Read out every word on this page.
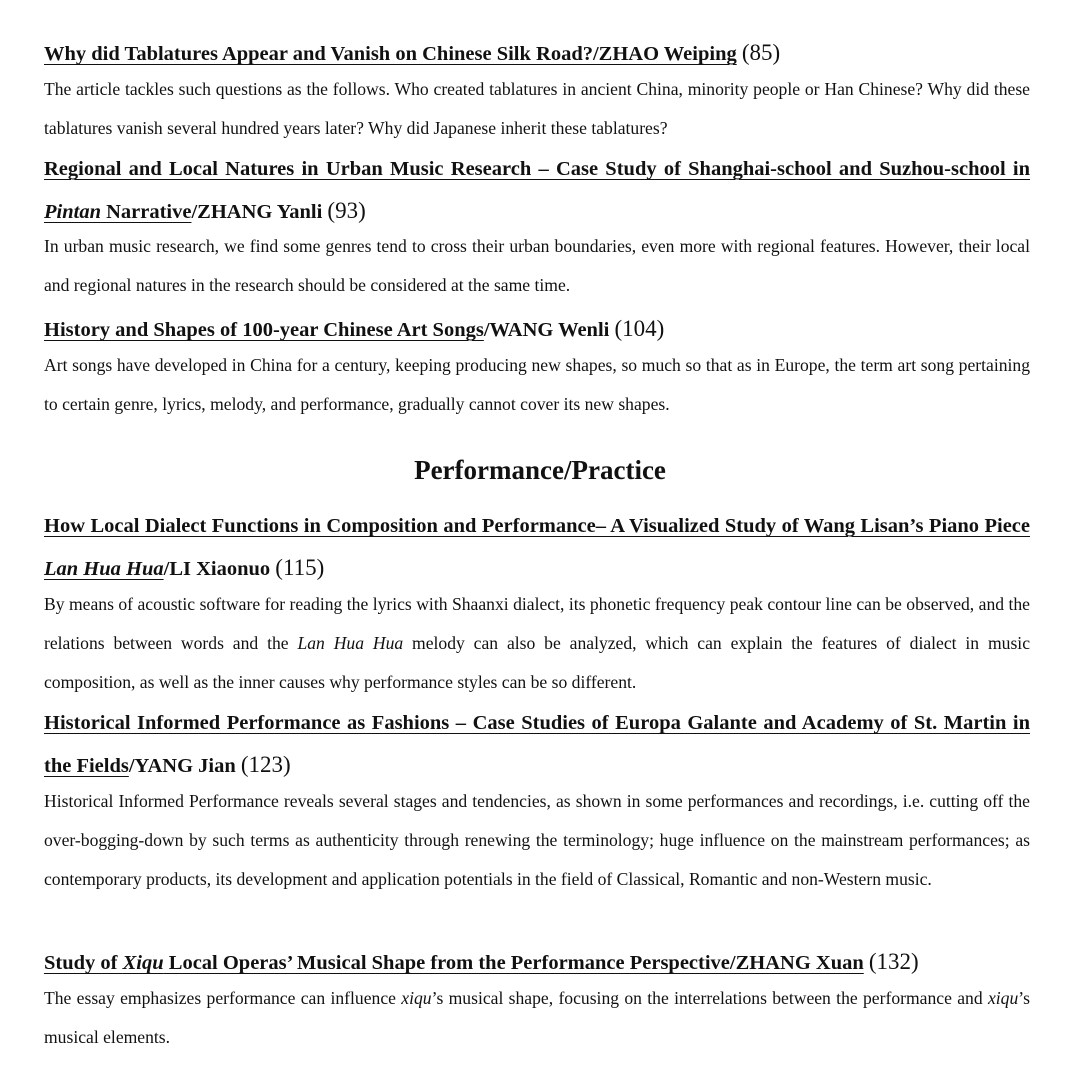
Why did Tablatures Appear and Vanish on Chinese Silk Road?/ZHAO Weiping (85)

The article tackles such questions as the follows. Who created tablatures in ancient China, minority people or Han Chinese? Why did these tablatures vanish several hundred years later? Why did Japanese inherit these tablatures?

Regional and Local Natures in Urban Music Research – Case Study of Shanghai-school and Suzhou-school in Pintan Narrative/ZHANG Yanli (93)

In urban music research, we find some genres tend to cross their urban boundaries, even more with regional features. However, their local and regional natures in the research should be considered at the same time.

History and Shapes of 100-year Chinese Art Songs/WANG Wenli (104)

Art songs have developed in China for a century, keeping producing new shapes, so much so that as in Europe, the term art song pertaining to certain genre, lyrics, melody, and performance, gradually cannot cover its new shapes.

Performance/Practice
How Local Dialect Functions in Composition and Performance– A Visualized Study of Wang Lisan’s Piano Piece Lan Hua Hua/LI Xiaonuo (115)

By means of acoustic software for reading the lyrics with Shaanxi dialect, its phonetic frequency peak contour line can be observed, and the relations between words and the Lan Hua Hua melody can also be analyzed, which can explain the features of dialect in music composition, as well as the inner causes why performance styles can be so different.

Historical Informed Performance as Fashions – Case Studies of Europa Galante and Academy of St. Martin in the Fields/YANG Jian (123)

Historical Informed Performance reveals several stages and tendencies, as shown in some performances and recordings, i.e. cutting off the over-bogging-down by such terms as authenticity through renewing the terminology; huge influence on the mainstream performances; as contemporary products, its development and application potentials in the field of Classical, Romantic and non-Western music.

Study of Xiqu Local Operas’ Musical Shape from the Performance Perspective/ZHANG Xuan (132)

The essay emphasizes performance can influence xiqu’s musical shape, focusing on the interrelations between the performance and xiqu’s musical elements.
